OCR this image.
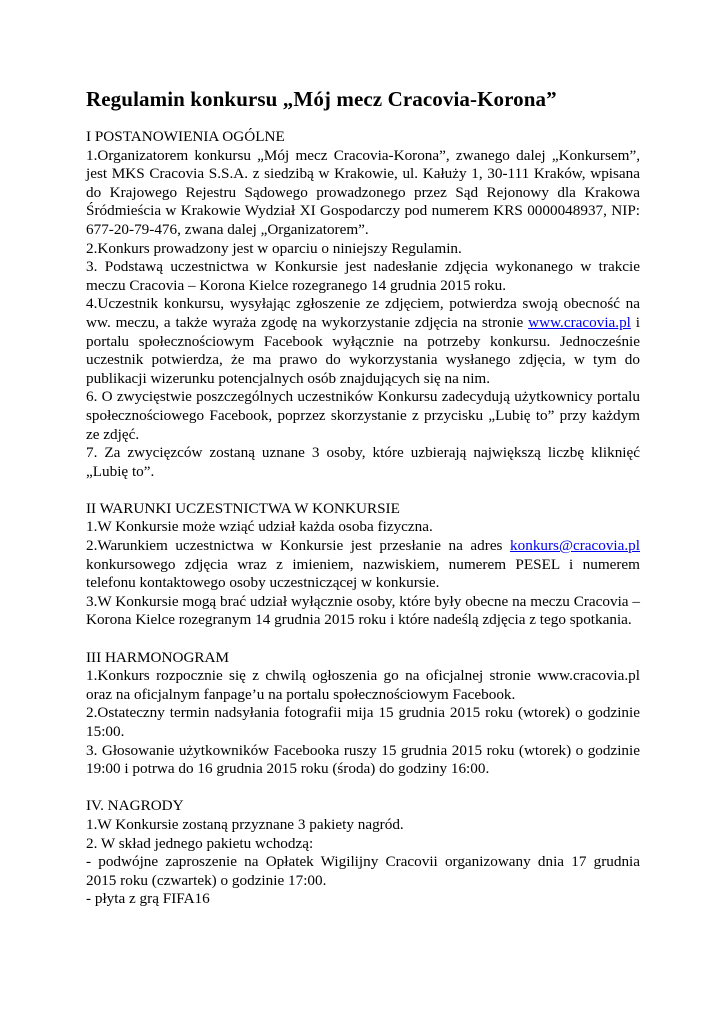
Regulamin konkursu „Mój mecz Cracovia-Korona”

I POSTANOWIENIA OGÓLNE

1.Organizatorem konkursu „Mój mecz Cracovia-Korona”, zwanego dalej „Konkursem”, jest MKS Cracovia S.S.A. z siedzibą w Krakowie, ul. Kałuży 1, 30-111 Kraków, wpisana do Krajowego Rejestru Sądowego prowadzonego przez Sąd Rejonowy dla Krakowa Śródmieścia w Krakowie Wydział XI Gospodarczy pod numerem KRS 0000048937, NIP: 677-20-79-476, zwana dalej „Organizatorem”.

2.Konkurs prowadzony jest w oparciu o niniejszy Regulamin.

3. Podstawą uczestnictwa w Konkursie jest nadesłanie zdjęcia wykonanego w trakcie meczu Cracovia – Korona Kielce rozegranego 14 grudnia 2015 roku.

4.Uczestnik konkursu, wysyłając zgłoszenie ze zdjęciem, potwierdza swoją obecność na ww. meczu, a także wyraża zgodę na wykorzystanie zdjęcia na stronie www.cracovia.pl i portalu społecznościowym Facebook wyłącznie na potrzeby konkursu. Jednocześnie uczestnik potwierdza, że ma prawo do wykorzystania wysłanego zdjęcia, w tym do publikacji wizerunku potencjalnych osób znajdujących się na nim.

6. O zwycięstwie poszczególnych uczestników Konkursu zadecydują użytkownicy portalu społecznościowego Facebook, poprzez skorzystanie z przycisku „Lubię to” przy każdym ze zdjęć.

7. Za zwycięzców zostaną uznane 3 osoby, które uzbierają największą liczbę kliknięć „Lubię to”.

II WARUNKI UCZESTNICTWA W KONKURSIE

1.W Konkursie może wziąć udział każda osoba fizyczna.

2.Warunkiem uczestnictwa w Konkursie jest przesłanie na adres konkurs@cracovia.pl konkursowego zdjęcia wraz z imieniem, nazwiskiem, numerem PESEL i numerem telefonu kontaktowego osoby uczestniczącej w konkursie.

3.W Konkursie mogą brać udział wyłącznie osoby, które były obecne na meczu Cracovia – Korona Kielce rozegranym 14 grudnia 2015 roku i które nadeślą zdjęcia z tego spotkania.

III HARMONOGRAM

1.Konkurs rozpocznie się z chwilą ogłoszenia go na oficjalnej stronie www.cracovia.pl oraz na oficjalnym fanpage’u na portalu społecznościowym Facebook.

2.Ostateczny termin nadsyłania fotografii mija 15 grudnia 2015 roku (wtorek) o godzinie 15:00.

3. Głosowanie użytkowników Facebooka ruszy 15 grudnia 2015 roku (wtorek) o godzinie 19:00 i potrwa do 16 grudnia 2015 roku (środa) do godziny 16:00.

IV. NAGRODY

1.W Konkursie zostaną przyznane 3 pakiety nagród.

2. W skład jednego pakietu wchodzą:

- podwójne zaproszenie na Opłatek Wigilijny Cracovii organizowany dnia 17 grudnia 2015 roku (czwartek) o godzinie 17:00.

- płyta z grą FIFA16
